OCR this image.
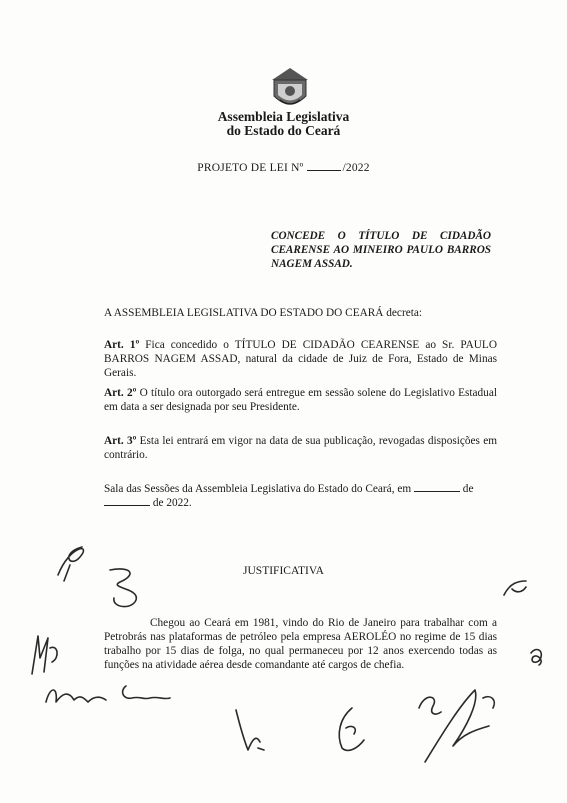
Assembleia Legislativa
do Estado do Ceará
PROJETO DE LEI Nº	/2022
CONCEDE O TÍTULO DE CIDADÃO CEARENSE AO MINEIRO PAULO BARROS NAGEM ASSAD.
A ASSEMBLEIA LEGISLATIVA DO ESTADO DO CEARÁ decreta:
Art. 1º Fica concedido o TÍTULO DE CIDADÃO CEARENSE ao Sr. PAULO BARROS NAGEM ASSAD, natural da cidade de Juiz de Fora, Estado de Minas Gerais.
Art. 2º O título ora outorgado será entregue em sessão solene do Legislativo Estadual em data a ser designada por seu Presidente.
Art. 3º Esta lei entrará em vigor na data de sua publicação, revogadas disposições em contrário.
Sala das Sessões da Assembleia Legislativa do Estado do Ceará, em	de
de 2022.
JUSTIFICATIVA
Chegou ao Ceará em 1981, vindo do Rio de Janeiro para trabalhar com a Petrobrás nas plataformas de petróleo pela empresa AEROLÉO no regime de 15 dias trabalho por 15 dias de folga, no qual permaneceu por 12 anos exercendo todas as funções na atividade aérea desde comandante até cargos de chefia.
